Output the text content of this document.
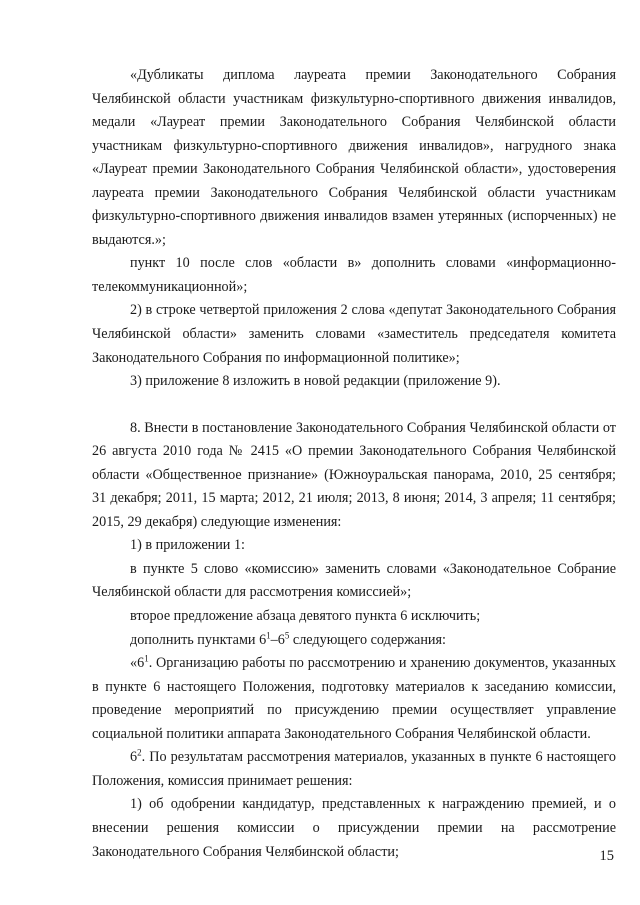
«Дубликаты диплома лауреата премии Законодательного Собрания Челябинской области участникам физкультурно-спортивного движения инвалидов, медали «Лауреат премии Законодательного Собрания Челябинской области участникам физкультурно-спортивного движения инвалидов», нагрудного знака «Лауреат премии Законодательного Собрания Челябинской области», удостоверения лауреата премии Законодательного Собрания Челябинской области участникам физкультурно-спортивного движения инвалидов взамен утерянных (испорченных) не выдаются.»;

пункт 10 после слов «области в» дополнить словами «информационно-телекоммуникационной»;

2) в строке четвертой приложения 2 слова «депутат Законодательного Собрания Челябинской области» заменить словами «заместитель председателя комитета Законодательного Собрания по информационной политике»;

3) приложение 8 изложить в новой редакции (приложение 9).

8. Внести в постановление Законодательного Собрания Челябинской области от 26 августа 2010 года № 2415 «О премии Законодательного Собрания Челябинской области «Общественное признание» (Южноуральская панорама, 2010, 25 сентября; 31 декабря; 2011, 15 марта; 2012, 21 июля; 2013, 8 июня; 2014, 3 апреля; 11 сентября; 2015, 29 декабря) следующие изменения:

1) в приложении 1:

в пункте 5 слово «комиссию» заменить словами «Законодательное Собрание Челябинской области для рассмотрения комиссией»;

второе предложение абзаца девятого пункта 6 исключить;

дополнить пунктами $6^1-6^5$ следующего содержания:

«$6^1$. Организацию работы по рассмотрению и хранению документов, указанных в пункте 6 настоящего Положения, подготовку материалов к заседанию комиссии, проведение мероприятий по присуждению премии осуществляет управление социальной политики аппарата Законодательного Собрания Челябинской области.

$6^2$. По результатам рассмотрения материалов, указанных в пункте 6 настоящего Положения, комиссия принимает решения:

1) об одобрении кандидатур, представленных к награждению премией, и о внесении решения комиссии о присуждении премии на рассмотрение Законодательного Собрания Челябинской области;	15
